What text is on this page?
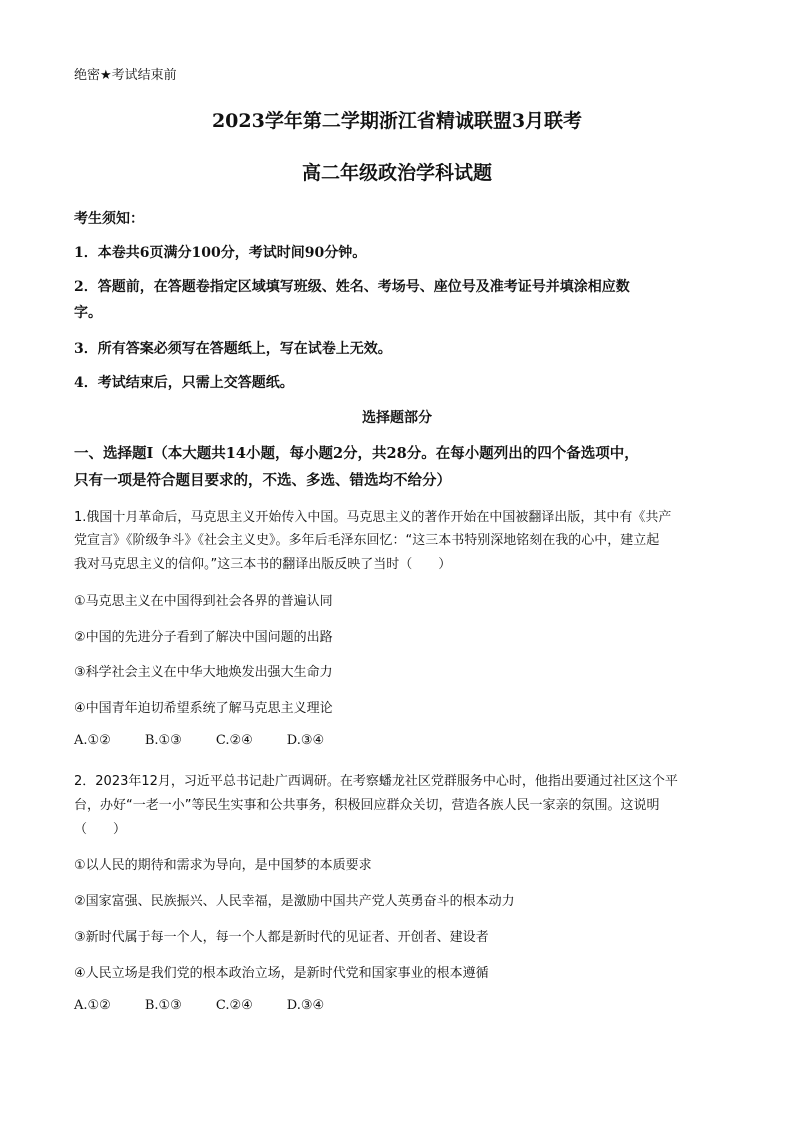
绝密★考试结束前
2023学年第二学期浙江省精诚联盟3月联考
高二年级政治学科试题
考生须知：
1．本卷共6页满分100分，考试时间90分钟。
2．答题前，在答题卷指定区域填写班级、姓名、考场号、座位号及准考证号并填涂相应数
字。
3．所有答案必须写在答题纸上，写在试卷上无效。
4．考试结束后，只需上交答题纸。
选择题部分
一、选择题Ⅰ（本大题共14小题，每小题2分，共28分。在每小题列出的四个备选项中，
只有一项是符合题目要求的，不选、多选、错选均不给分）
1.俄国十月革命后，马克思主义开始传入中国。马克思主义的著作开始在中国被翻译出版，其中有《共产
党宣言》《阶级争斗》《社会主义史》。多年后毛泽东回忆：“这三本书特别深地铭刻在我的心中，建立起
我对马克思主义的信仰。”这三本书的翻译出版反映了当时（　　）
①马克思主义在中国得到社会各界的普遍认同
②中国的先进分子看到了解决中国问题的出路
③科学社会主义在中华大地焕发出强大生命力
④中国青年迫切希望系统了解马克思主义理论
A.①②	B.①③	C.②④	D.③④
2．2023年12月，习近平总书记赴广西调研。在考察蟠龙社区党群服务中心时，他指出要通过社区这个平
台，办好“一老一小”等民生实事和公共事务，积极回应群众关切，营造各族人民一家亲的氛围。这说明
（　　）
①以人民的期待和需求为导向，是中国梦的本质要求
②国家富强、民族振兴、人民幸福，是激励中国共产党人英勇奋斗的根本动力
③新时代属于每一个人，每一个人都是新时代的见证者、开创者、建设者
④人民立场是我们党的根本政治立场，是新时代党和国家事业的根本遵循
A.①②	B.①③	C.②④	D.③④
